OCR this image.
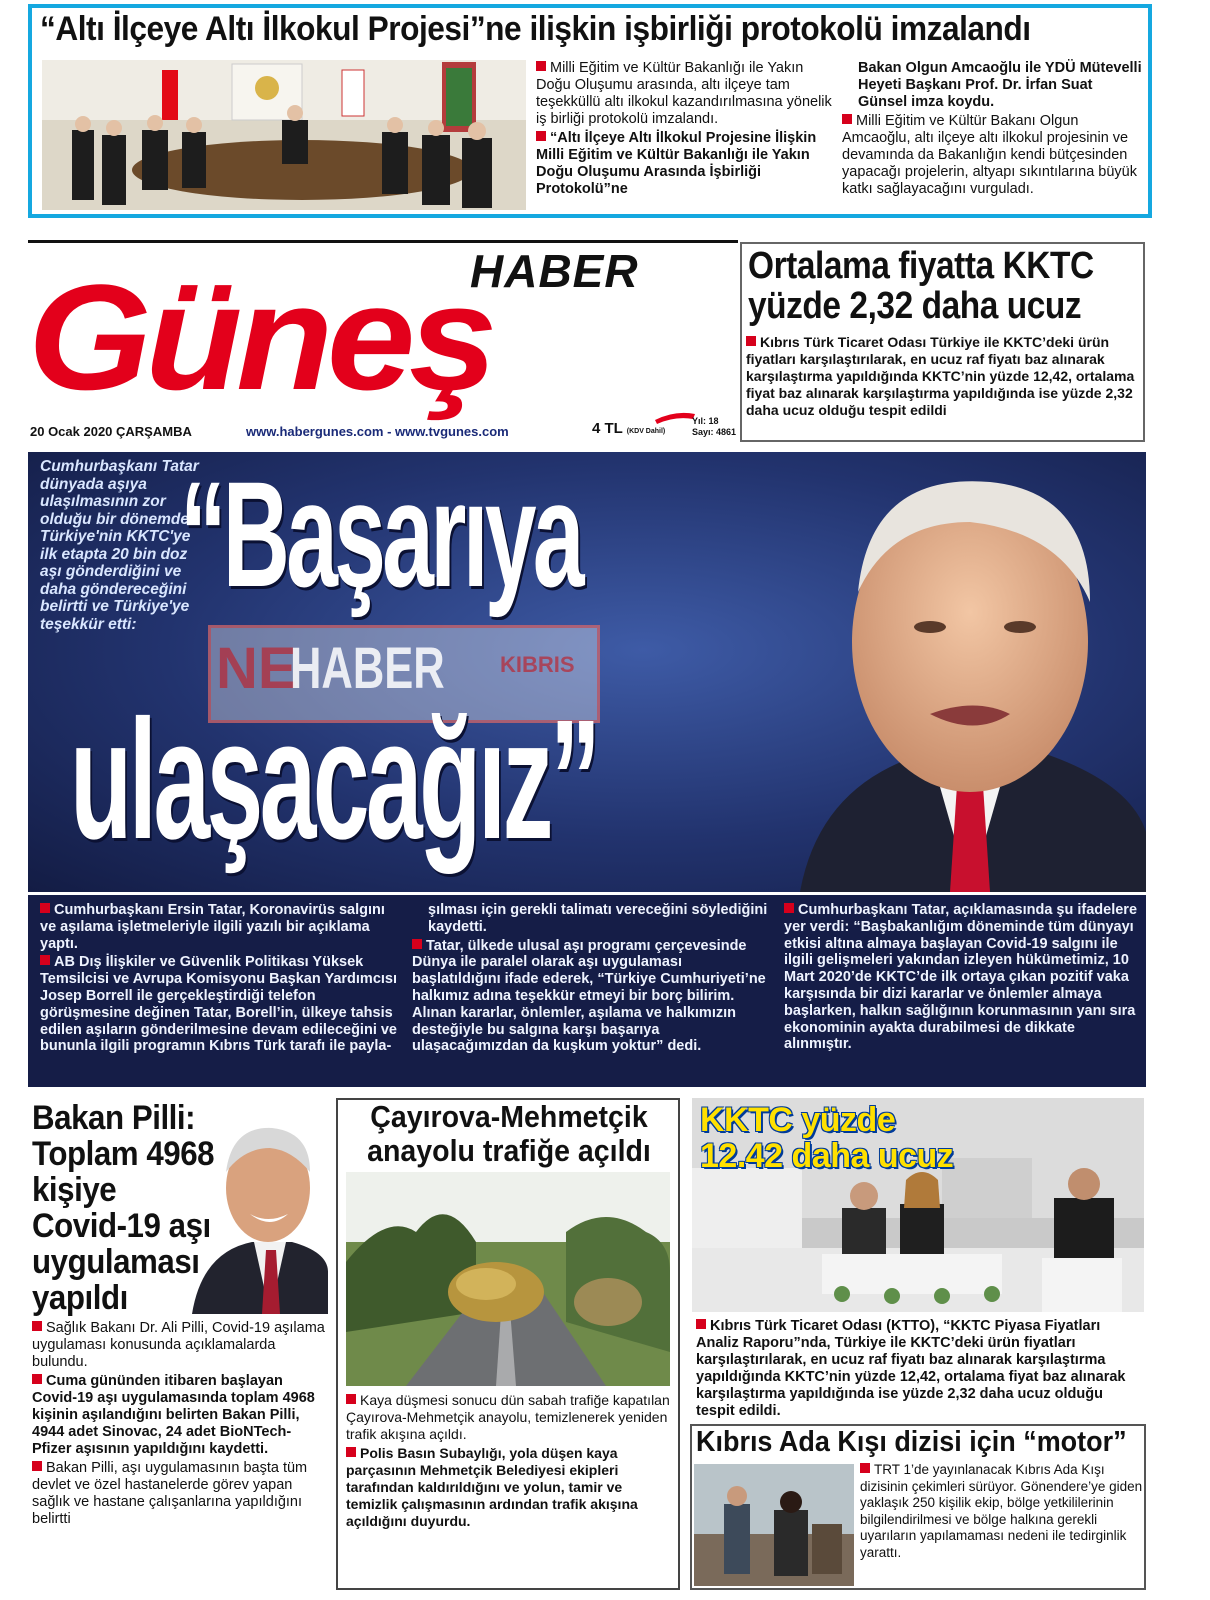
“Altı İlçeye Altı İlkokul Projesi”ne ilişkin işbirliği protokolü imzalandı

Milli Eğitim ve Kültür Bakanlığı ile Yakın Doğu Oluşumu arasında, altı ilçeye tam teşekküllü altı ilkokul kazandırılmasına yönelik iş birliği protokolü imzalandı.

“Altı İlçeye Altı İlkokul Projesine İlişkin Milli Eğitim ve Kültür Bakanlığı ile Yakın Doğu Oluşumu Arasında İşbirliği Protokolü”ne

Bakan Olgun Amcaoğlu ile YDÜ Mütevelli Heyeti Başkanı Prof. Dr. İrfan Suat Günsel imza koydu.

Milli Eğitim ve Kültür Bakanı Olgun Amcaoğlu, altı ilçeye altı ilkokul projesinin ve devamında da Bakanlığın kendi bütçesinden yapacağı projelerin, altyapı sıkıntılarına büyük katkı sağlayacağını vurguladı.

HABER
Güneş
20 Ocak 2020 ÇARŞAMBA	www.habergunes.com - www.tvgunes.com	4 TL (KDV Dahil)
Yıl: 18
Sayı: 4861
Ortalama fiyatta KKTC yüzde 2,32 daha ucuz
Kıbrıs Türk Ticaret Odası Türkiye ile KKTC’deki ürün fiyatları karşılaştırılarak, en ucuz raf fiyatı baz alınarak karşılaştırma yapıldığında KKTC’nin yüzde 12,42, ortalama fiyat baz alınarak karşılaştırma yapıldığında ise yüzde 2,32 daha ucuz olduğu tespit edildi
Cumhurbaşkanı Tatar dünyada aşıya ulaşılmasının zor olduğu bir dönemde Türkiye'nin KKTC'ye ilk etapta 20 bin doz aşı gönderdiğini ve daha göndereceğini belirtti ve Türkiye'ye teşekkür etti:
NE
HABER	KIBRIS
“Başarıya
ulaşacağız”

Cumhurbaşkanı Ersin Tatar, Koronavirüs salgını ve aşılama işletmeleriyle ilgili yazılı bir açıklama yaptı.

AB Dış İlişkiler ve Güvenlik Politikası Yüksek Temsilcisi ve Avrupa Komisyonu Başkan Yardımcısı Josep Borrell ile gerçekleştirdiği telefon görüşmesine değinen Tatar, Borell’in, ülkeye tahsis edilen aşıların gönderilmesine devam edileceğini ve bununla ilgili programın Kıbrıs Türk tarafı ile payla-

şılması için gerekli talimatı vereceğini söylediğini kaydetti.

Tatar, ülkede ulusal aşı programı çerçevesinde Dünya ile paralel olarak aşı uygulaması başlatıldığını ifade ederek, “Türkiye Cumhuriyeti’ne halkımız adına teşekkür etmeyi bir borç bilirim. Alınan kararlar, önlemler, aşılama ve halkımızın desteğiyle bu salgına karşı başarıya ulaşacağımızdan da kuşkum yoktur” dedi.

Cumhurbaşkanı Tatar, açıklamasında şu ifadelere yer verdi: “Başbakanlığım döneminde tüm dünyayı etkisi altına almaya başlayan Covid-19 salgını ile ilgili gelişmeleri yakından izleyen hükümetimiz, 10 Mart 2020’de KKTC’de ilk ortaya çıkan pozitif vaka karşısında bir dizi kararlar ve önlemler almaya başlarken, halkın sağlığının korunmasının yanı sıra ekonominin ayakta durabilmesi de dikkate alınmıştır.

Bakan Pilli: Toplam 4968 kişiye Covid-19 aşı uygulaması yapıldı

Sağlık Bakanı Dr. Ali Pilli, Covid-19 aşılama uygulaması konusunda açıklamalarda bulundu.

Cuma gününden itibaren başlayan Covid-19 aşı uygulamasında toplam 4968 kişinin aşılandığını belirten Bakan Pilli, 4944 adet Sinovac, 24 adet BioNTech-Pfizer aşısının yapıldığını kaydetti.

Bakan Pilli, aşı uygulamasının başta tüm devlet ve özel hastanelerde görev yapan sağlık ve hastane çalışanlarına yapıldığını belirtti

Çayırova-Mehmetçik anayolu trafiğe açıldı

Kaya düşmesi sonucu dün sabah trafiğe kapatılan Çayırova-Mehmetçik anayolu, temizlenerek yeniden trafik akışına açıldı.

Polis Basın Subaylığı, yola düşen kaya parçasının Mehmetçik Belediyesi ekipleri tarafından kaldırıldığını ve yolun, tamir ve temizlik çalışmasının ardından trafik akışına açıldığını duyurdu.

KKTC yüzde
12.42 daha ucuz
Kıbrıs Türk Ticaret Odası (KTTO), “KKTC Piyasa Fiyatları Analiz Raporu”nda, Türkiye ile KKTC’deki ürün fiyatları karşılaştırılarak, en ucuz raf fiyatı baz alınarak karşılaştırma yapıldığında KKTC’nin yüzde 12,42, ortalama fiyat baz alınarak karşılaştırma yapıldığında ise yüzde 2,32 daha ucuz olduğu tespit edildi.
Kıbrıs Ada Kışı dizisi için “motor”
TRT 1’de yayınlanacak Kıbrıs Ada Kışı dizisinin çekimleri sürüyor. Gönendere’ye giden yaklaşık 250 kişilik ekip, bölge yetkililerinin bilgilendirilmesi ve bölge halkına gerekli uyarıların yapılamaması nedeni ile tedirginlik yarattı.
